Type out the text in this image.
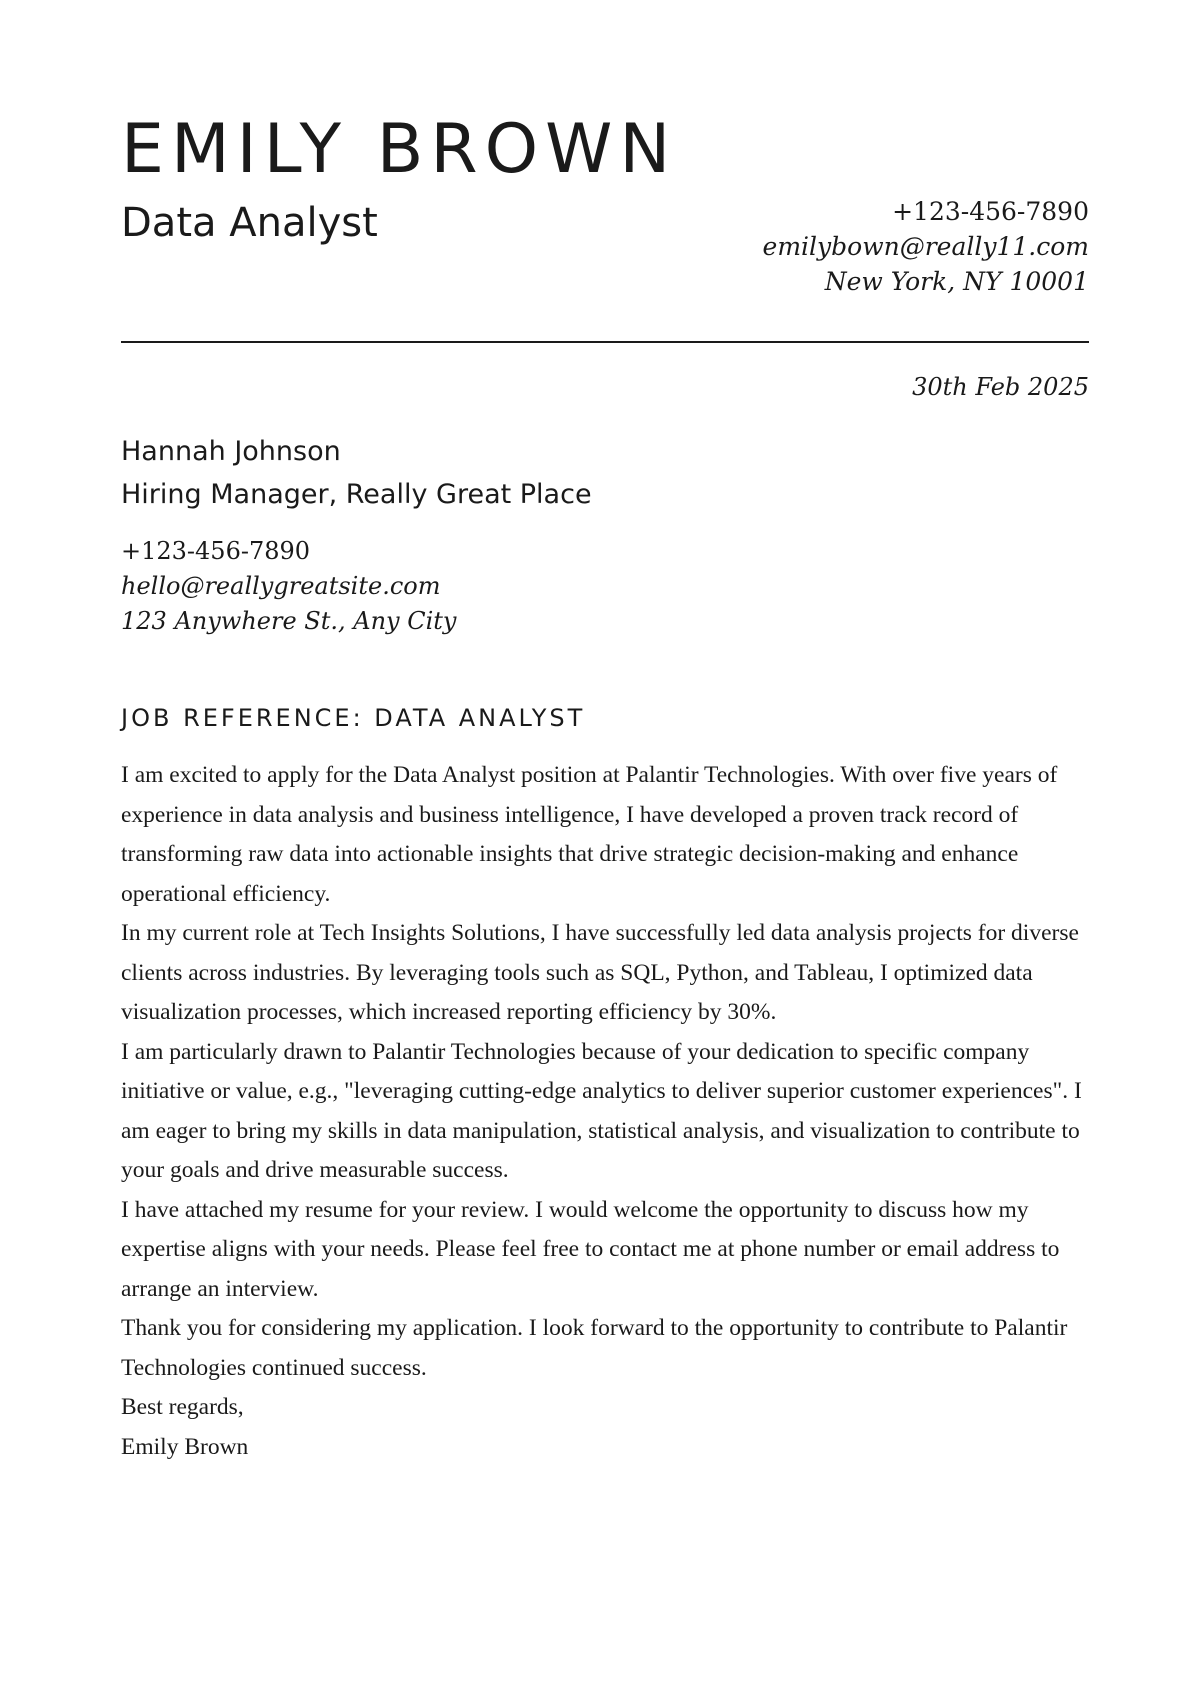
EMILY BROWN
Data Analyst	+123-456-7890
emilybown@really11.com
New York, NY 10001
30th Feb 2025
Hannah Johnson
Hiring Manager, Really Great Place
+123-456-7890
hello@reallygreatsite.com
123 Anywhere St., Any City
JOB REFERENCE: DATA ANALYST

I am excited to apply for the Data Analyst position at Palantir Technologies. With over five years of experience in data analysis and business intelligence, I have developed a proven track record of transforming raw data into actionable insights that drive strategic decision-making and enhance operational efficiency.

In my current role at Tech Insights Solutions, I have successfully led data analysis projects for diverse clients across industries. By leveraging tools such as SQL, Python, and Tableau, I optimized data visualization processes, which increased reporting efficiency by 30%.

I am particularly drawn to Palantir Technologies because of your dedication to specific company initiative or value, e.g., "leveraging cutting-edge analytics to deliver superior customer experiences". I am eager to bring my skills in data manipulation, statistical analysis, and visualization to contribute to your goals and drive measurable success.

I have attached my resume for your review. I would welcome the opportunity to discuss how my expertise aligns with your needs. Please feel free to contact me at phone number or email address to arrange an interview.

Thank you for considering my application. I look forward to the opportunity to contribute to Palantir Technologies continued success.

Best regards,

Emily Brown
